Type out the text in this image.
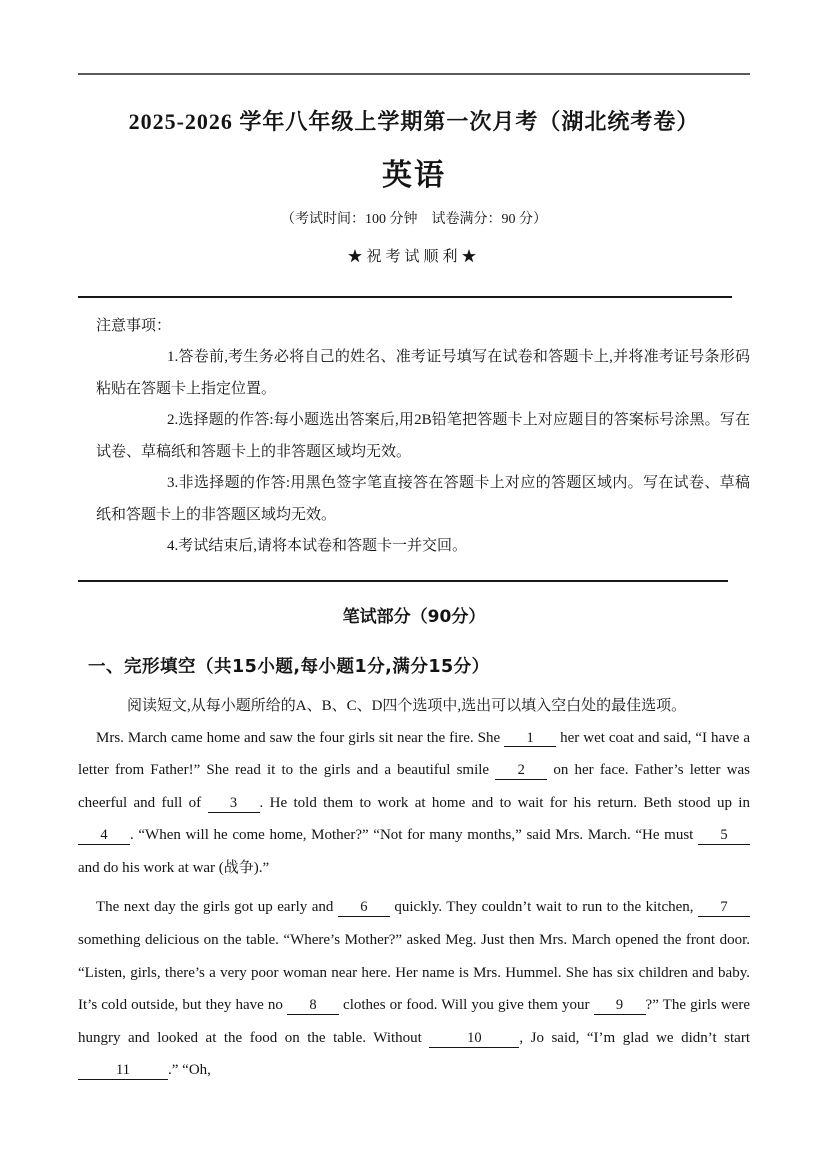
2025-2026 学年八年级上学期第一次月考（湖北统考卷）
英语
（考试时间：100 分钟　试卷满分：90 分）
★祝考试顺利★
注意事项：

1.答卷前,考生务必将自己的姓名、准考证号填写在试卷和答题卡上,并将准考证号条形码粘贴在答题卡上指定位置。

2.选择题的作答:每小题选出答案后,用2B铅笔把答题卡上对应题目的答案标号涂黑。写在试卷、草稿纸和答题卡上的非答题区域均无效。

3.非选择题的作答:用黑色签字笔直接答在答题卡上对应的答题区域内。写在试卷、草稿纸和答题卡上的非答题区域均无效。

4.考试结束后,请将本试卷和答题卡一并交回。

笔试部分（90分）
一、完形填空（共15小题,每小题1分,满分15分）

阅读短文,从每小题所给的A、B、C、D四个选项中,选出可以填入空白处的最佳选项。

Mrs. March came home and saw the four girls sit near the fire. She 1 her wet coat and said, “I have a letter from Father!” She read it to the girls and a beautiful smile 2 on her face. Father’s letter was cheerful and full of 3 . He told them to work at home and to wait for his return. Beth stood up in 4 . “When will he come home, Mother?” “Not for many months,” said Mrs. March. “He must 5 and do his work at war (战争).”

The next day the girls got up early and 6 quickly. They couldn’t wait to run to the kitchen, 7 something delicious on the table. “Where’s Mother?” asked Meg. Just then Mrs. March opened the front door. “Listen, girls, there’s a very poor woman near here. Her name is Mrs. Hummel. She has six children and baby. It’s cold outside, but they have no 8 clothes or food. Will you give them your 9 ?” The girls were hungry and looked at the food on the table. Without	10	, Jo said, “I’m glad we didn’t start 11	.” “Oh,
